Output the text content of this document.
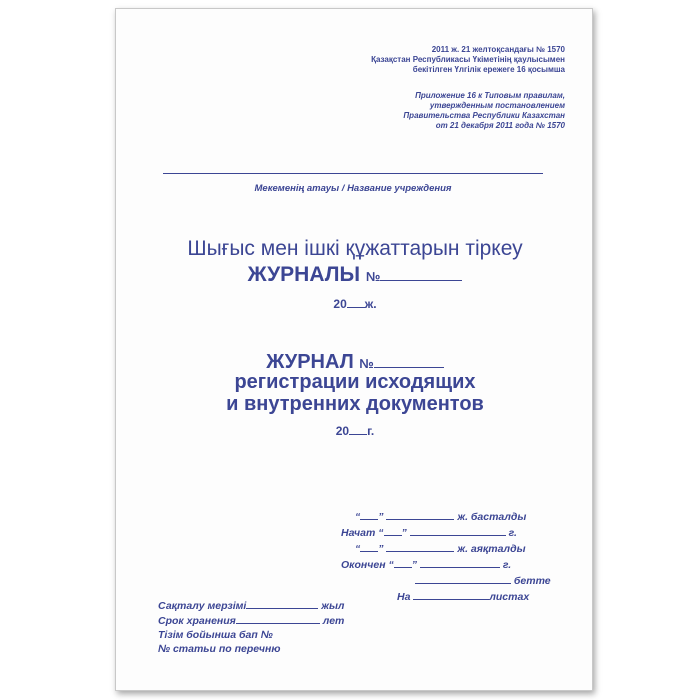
2011 ж. 21 желтоқсандағы № 1570
Қазақстан Республикасы Үкіметінің қаулысымен
бекітілген Үлгілік ережеге 16 қосымша
Приложение 16 к Типовым правилам,
утвержденным постановлением
Правительства Республики Казахстан
от 21 декабря 2011 года № 1570
Мекеменің атауы / Название учреждения
Шығыс мен ішкі құжаттарын тіркеу
ЖУРНАЛЫ №
20 ж.
ЖУРНАЛ №
регистрации исходящих
и внутренних документов
20 г.
“ ”	ж. басталды
Начат “ ”	г.
“ ”	ж. аяқталды
Окончен “ ”	г.
бетте
На	листах
Сақталу мерзімі	жыл
Срок хранения	лет
Тізім бойынша бап №
№ статьи по перечню
